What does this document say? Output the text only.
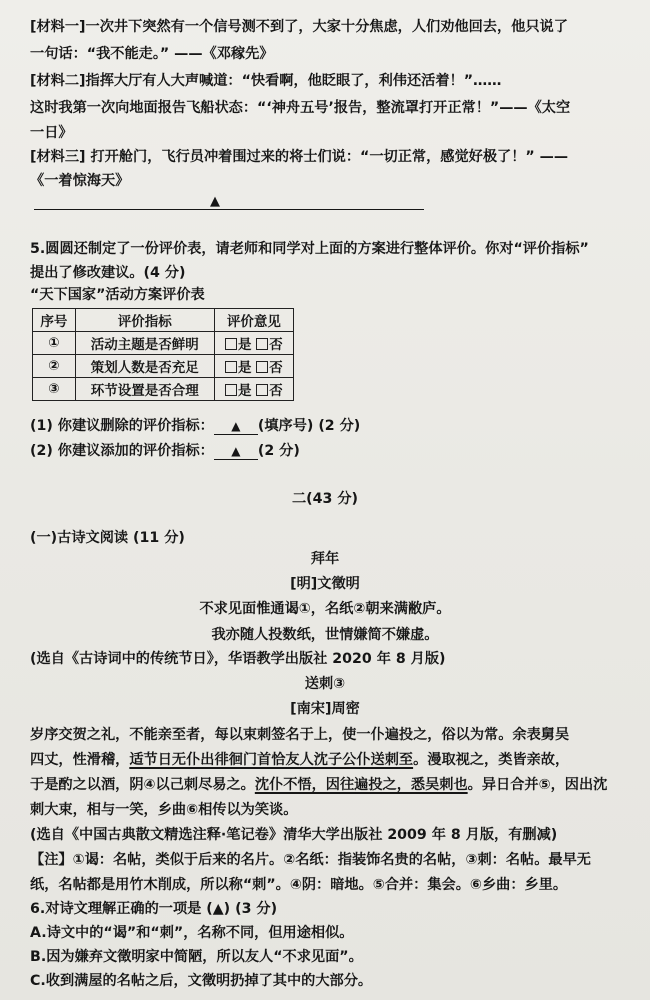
[材料一]一次井下突然有一个信号测不到了，大家十分焦虑，人们劝他回去，他只说了
一句话：“我不能走。” ——《邓稼先》
[材料二]指挥大厅有人大声喊道：“快看啊，他眨眼了，利伟还活着！”……
这时我第一次向地面报告飞船状态：“‘神舟五号’报告，整流罩打开正常！”——《太空
一日》
[材料三] 打开舱门，飞行员冲着围过来的将士们说：“一切正常，感觉好极了！” ——
《一着惊海天》
▲
5.圆圆还制定了一份评价表，请老师和同学对上面的方案进行整体评价。你对“评价指标”
提出了修改建议。(4 分)
“天下国家”活动方案评价表
序号	评价指标	评价意见
①	活动主题是否鲜明	是 否
②	策划人数是否充足	是 否
③	环节设置是否合理	是 否
(1) 你建议删除的评价指标： ▲ (填序号) (2 分)
(2) 你建议添加的评价指标： ▲ (2 分)
二(43 分)
(一)古诗文阅读 (11 分)
拜年
[明]文徵明
不求见面惟通谒①，名纸②朝来满敝庐。
我亦随人投数纸，世情嫌简不嫌虚。
(选自《古诗词中的传统节日》，华语教学出版社 2020 年 8 月版)
送刺③
[南宋]周密
岁序交贺之礼，不能亲至者，每以束刺签名于上，使一仆遍投之，俗以为常。余表舅吴
四丈，性滑稽，适节日无仆出徘徊门首恰友人沈子公仆送刺至。漫取视之，类皆亲故，
于是酌之以酒，阴④以己刺尽易之。沈仆不悟，因往遍投之，悉吴刺也。异日合并⑤，因出沈
刺大束，相与一笑，乡曲⑥相传以为笑谈。
(选自《中国古典散文精选注释·笔记卷》清华大学出版社 2009 年 8 月版，有删减)
【注】①谒：名帖，类似于后来的名片。②名纸：指装饰名贵的名帖，③刺：名帖。最早无
纸，名帖都是用竹木削成，所以称“刺”。④阴：暗地。⑤合并：集会。⑥乡曲：乡里。
6.对诗文理解正确的一项是 (▲) (3 分)
A.诗文中的“谒”和“刺”，名称不同，但用途相似。
B.因为嫌弃文徵明家中简陋，所以友人“不求见面”。
C.收到满屋的名帖之后，文徵明扔掉了其中的大部分。
